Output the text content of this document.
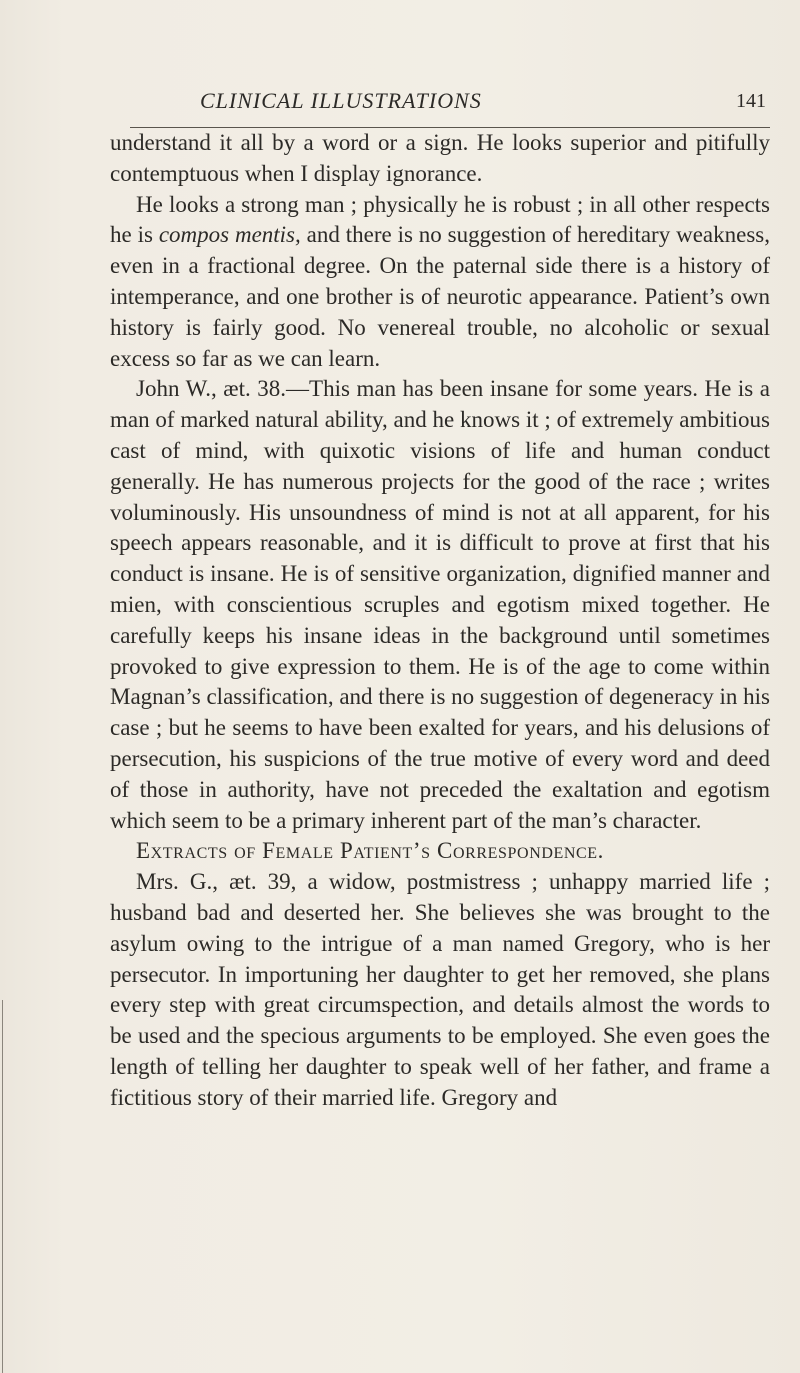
CLINICAL ILLUSTRATIONS	141

understand it all by a word or a sign. He looks superior and pitifully contemptuous when I display ignorance.

He looks a strong man ; physically he is robust ; in all other respects he is compos mentis, and there is no suggestion of hereditary weakness, even in a fractional degree. On the paternal side there is a history of intemperance, and one brother is of neurotic appearance. Patient’s own history is fairly good. No venereal trouble, no alcoholic or sexual excess so far as we can learn.

John W., æt. 38.—This man has been insane for some years. He is a man of marked natural ability, and he knows it ; of extremely ambitious cast of mind, with quixotic visions of life and human conduct generally. He has numerous projects for the good of the race ; writes voluminously. His unsoundness of mind is not at all apparent, for his speech appears reasonable, and it is difficult to prove at first that his conduct is insane. He is of sensitive organization, dignified manner and mien, with conscientious scruples and egotism mixed together. He carefully keeps his insane ideas in the background until sometimes provoked to give expression to them. He is of the age to come within Magnan’s classification, and there is no suggestion of degeneracy in his case ; but he seems to have been exalted for years, and his delusions of persecution, his suspicions of the true motive of every word and deed of those in authority, have not preceded the exaltation and egotism which seem to be a primary inherent part of the man’s character.

Extracts of Female Patient’s Correspondence.

Mrs. G., æt. 39, a widow, postmistress ; unhappy married life ; husband bad and deserted her. She believes she was brought to the asylum owing to the intrigue of a man named Gregory, who is her persecutor. In importuning her daughter to get her removed, she plans every step with great circumspection, and details almost the words to be used and the specious arguments to be employed. She even goes the length of telling her daughter to speak well of her father, and frame a fictitious story of their married life. Gregory and
